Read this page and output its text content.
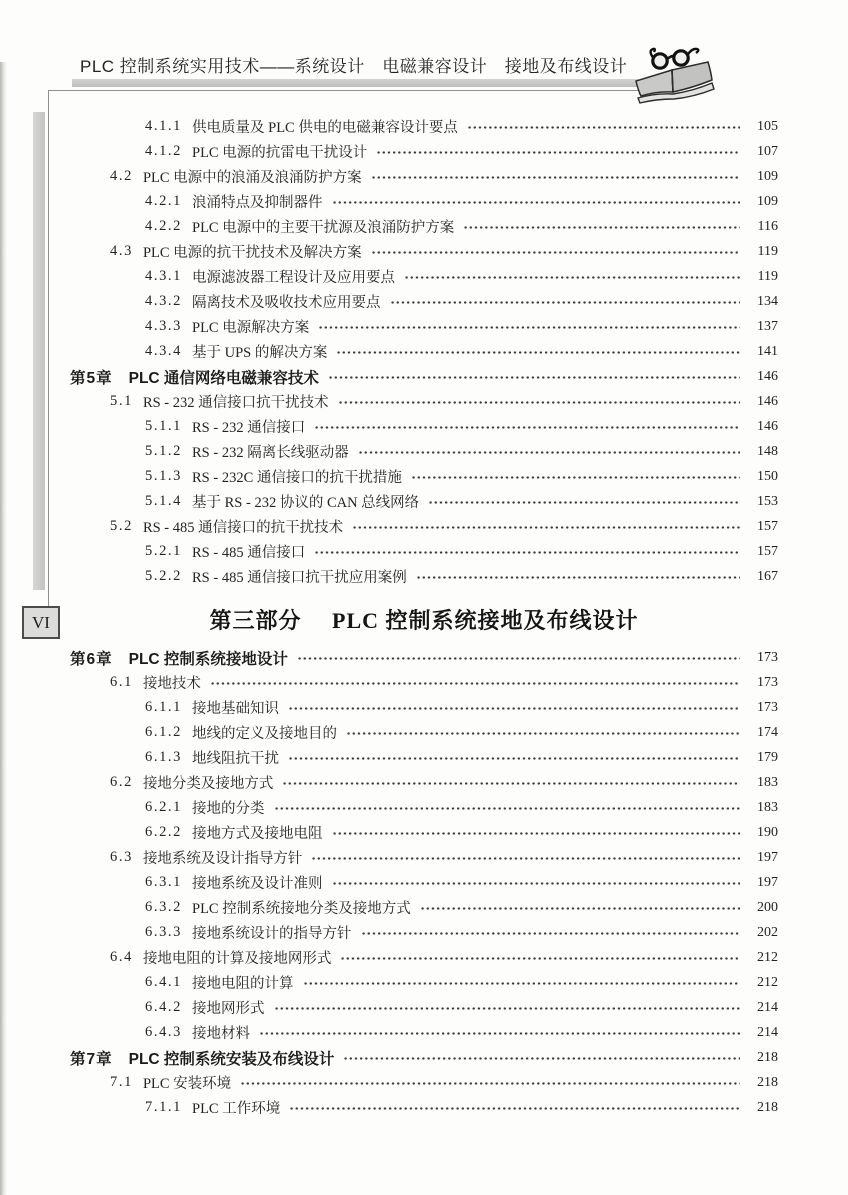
PLC 控制系统实用技术——系统设计　电磁兼容设计　接地及布线设计
VI
4.1.1 供电质量及 PLC 供电的电磁兼容设计要点	105
4.1.2 PLC 电源的抗雷电干扰设计	107
4.2 PLC 电源中的浪涌及浪涌防护方案	109
4.2.1 浪涌特点及抑制器件	109
4.2.2 PLC 电源中的主要干扰源及浪涌防护方案	116
4.3 PLC 电源的抗干扰技术及解决方案	119
4.3.1 电源滤波器工程设计及应用要点	119
4.3.2 隔离技术及吸收技术应用要点	134
4.3.3 PLC 电源解决方案	137
4.3.4 基于 UPS 的解决方案	141
第5章 PLC 通信网络电磁兼容技术	146
5.1 RS - 232 通信接口抗干扰技术	146
5.1.1 RS - 232 通信接口	146
5.1.2 RS - 232 隔离长线驱动器	148
5.1.3 RS - 232C 通信接口的抗干扰措施	150
5.1.4 基于 RS - 232 协议的 CAN 总线网络	153
5.2 RS - 485 通信接口的抗干扰技术	157
5.2.1 RS - 485 通信接口	157
5.2.2 RS - 485 通信接口抗干扰应用案例	167
第三部分 PLC 控制系统接地及布线设计
第6章 PLC 控制系统接地设计	173
6.1 接地技术	173
6.1.1 接地基础知识	173
6.1.2 地线的定义及接地目的	174
6.1.3 地线阻抗干扰	179
6.2 接地分类及接地方式	183
6.2.1 接地的分类	183
6.2.2 接地方式及接地电阻	190
6.3 接地系统及设计指导方针	197
6.3.1 接地系统及设计准则	197
6.3.2 PLC 控制系统接地分类及接地方式	200
6.3.3 接地系统设计的指导方针	202
6.4 接地电阻的计算及接地网形式	212
6.4.1 接地电阻的计算	212
6.4.2 接地网形式	214
6.4.3 接地材料	214
第7章 PLC 控制系统安装及布线设计	218
7.1 PLC 安装环境	218
7.1.1 PLC 工作环境	218
